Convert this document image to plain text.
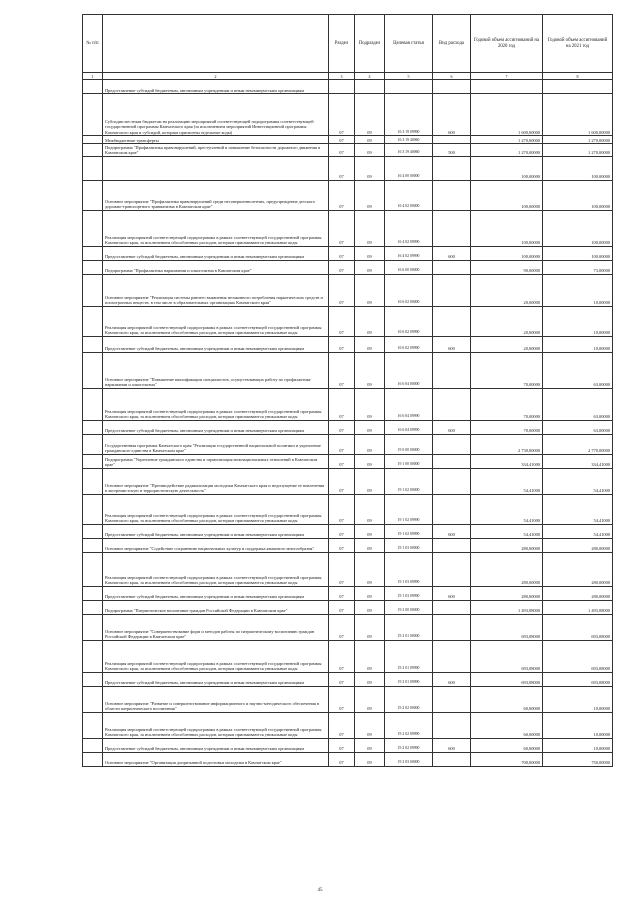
№ п/п		Раздел	Подраздел	Целевая статья	Вид расхода	Годовой объем ассигнований на 2020 год	Годовой объем ассигнований на 2021 год
1	2	3	4	5	6	7	8
	Предоставление субсидий бюджетным, автономным учреждениям и иным некоммерческим организациям						
	Субсидии местным бюджетам на реализацию мероприятий соответствующей подпрограммы соответствующей государственной программы Камчатского края (за исключением мероприятий Инвестиционной программы Камчатского края и субсидий, которым присвоены отдельные коды)	07	09	16 3 19 09990	600	1 600,00000	1 600,00000
	Межбюджетные трансферты	07	09	16 3 19 40060		1 270,00000	1 270,00000
	Подпрограмма "Профилактика правонарушений, преступлений и повышение безопасности дорожного движения в Камчатском крае"	07	09	16 3 19 40060	500	1 270,00000	1 270,00000
		07	09	16 4 00 00000		100,00000	100,00000
	Основное мероприятие "Профилактика правонарушений среди несовершеннолетних, предупреждение детского дорожно-транспортного травматизма в Камчатском крае"	07	09	16 4 02 00000		100,00000	100,00000
	Реализация мероприятий соответствующей подпрограммы в рамках соответствующей государственной программы Камчатского края, за исключением обособленных расходов, которым присваиваются уникальные коды	07	09	16 4 02 09990		100,00000	100,00000
	Предоставление субсидий бюджетным, автономным учреждениям и иным некоммерческим организациям	07	09	16 4 02 09990	600	100,00000	100,00000
	Подпрограмма "Профилактика наркомании и алкоголизма в Камчатском крае"	07	09	16 6 00 00000		90,00000	73,00000
	Основное мероприятие "Реализация системы раннего выявления незаконного потребления наркотических средств и психотропных веществ, в том числе в образовательных организациях Камчатского края"	07	09	16 6 02 00000		20,00000	10,00000
	Реализация мероприятий соответствующей подпрограммы в рамках соответствующей государственной программы Камчатского края, за исключением обособленных расходов, которым присваиваются уникальные коды	07	09	16 6 02 09990		20,00000	10,00000
	Предоставление субсидий бюджетным, автономным учреждениям и иным некоммерческим организациям	07	09	16 6 02 09990	600	20,00000	10,00000
	Основное мероприятие "Повышение квалификации специалистов, осуществляющих работу по профилактике наркомании и алкоголизма"	07	09	16 6 04 00000		70,00000	63,00000
	Реализация мероприятий соответствующей подпрограммы в рамках соответствующей государственной программы Камчатского края, за исключением обособленных расходов, которым присваиваются уникальные коды	07	09	16 6 04 09990		70,00000	63,00000
	Предоставление субсидий бюджетным, автономным учреждениям и иным некоммерческим организациям	07	09	16 6 04 09990	600	70,00000	63,00000
	Государственная программа Камчатского края "Реализация государственной национальной политики и укрепление гражданского единства в Камчатском крае"	07	09	19 0 00 00000		2 730,00000	2 770,00000
	Подпрограмма "Укрепление гражданского единства и гармонизация межнациональных отношений в Камчатском крае"	07	09	19 1 00 00000		334,41000	334,41000
	Основное мероприятие "Противодействие радикализации молодежи Камчатского края и недопущение ее вовлечения в экстремистскую и террористическую деятельность"	07	09	19 1 02 00000		54,41000	54,41000
	Реализация мероприятий соответствующей подпрограммы в рамках соответствующей государственной программы Камчатского края, за исключением обособленных расходов, которым присваиваются уникальные коды	07	09	19 1 02 09990		54,41000	54,41000
	Предоставление субсидий бюджетным, автономным учреждениям и иным некоммерческим организациям	07	09	19 1 02 09990	600	54,41000	54,41000
	Основное мероприятие "Содействие сохранению национальных культур и поддержка языкового многообразия"	07	09	19 1 03 00000		280,00000	280,00000
	Реализация мероприятий соответствующей подпрограммы в рамках соответствующей государственной программы Камчатского края, за исключением обособленных расходов, которым присваиваются уникальные коды	07	09	19 1 03 09990		280,00000	280,00000
	Предоставление субсидий бюджетным, автономным учреждениям и иным некоммерческим организациям	07	09	19 1 03 09990	600	280,00000	280,00000
	Подпрограмма "Патриотическое воспитание граждан Российской Федерации в Камчатском крае"	07	09	19 2 00 00000		1 493,08000	1 493,08000
	Основное мероприятие "Совершенствование форм и методов работы по патриотическому воспитанию граждан Российской Федерации в Камчатском крае"	07	09	19 2 01 00000		693,08000	693,08000
	Реализация мероприятий соответствующей подпрограммы в рамках соответствующей государственной программы Камчатского края, за исключением обособленных расходов, которым присваиваются уникальные коды	07	09	19 2 01 09990		693,08000	693,08000
	Предоставление субсидий бюджетным, автономным учреждениям и иным некоммерческим организациям	07	09	19 2 01 09990	600	693,08000	693,08000
	Основное мероприятие "Развитие и совершенствование информационного и научно-методического обеспечения в области патриотического воспитания"	07	09	19 2 02 00000		60,00000	10,00000
	Реализация мероприятий соответствующей подпрограммы в рамках соответствующей государственной программы Камчатского края, за исключением обособленных расходов, которым присваиваются уникальные коды	07	09	19 2 02 09990		60,00000	10,00000
	Предоставление субсидий бюджетным, автономным учреждениям и иным некоммерческим организациям	07	09	19 2 02 09990	600	60,00000	10,00000
	Основное мероприятие "Организация допризывной подготовки молодежи в Камчатском крае"	07	09	19 2 03 00000		700,00000	750,00000
45
